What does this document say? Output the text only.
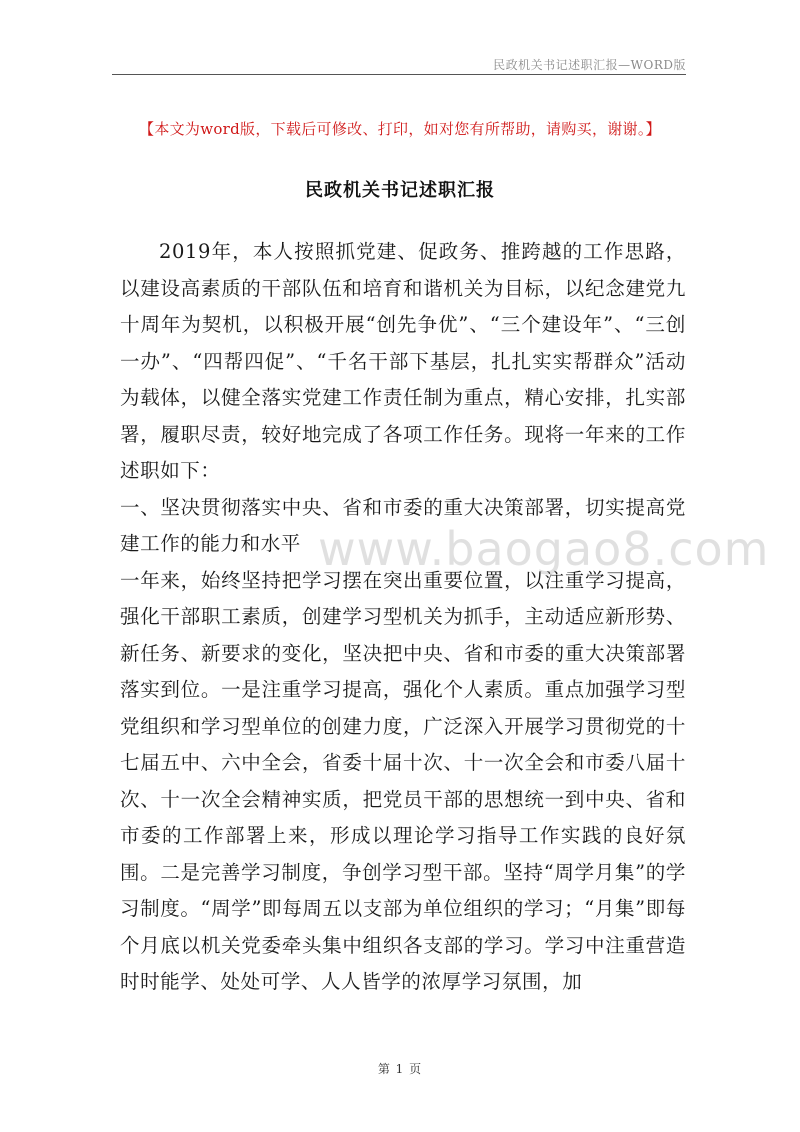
民政机关书记述职汇报—WORD版
【本文为word版，下载后可修改、打印，如对您有所帮助，请购买，谢谢。】
民政机关书记述职汇报

2019年，本人按照抓党建、促政务、推跨越的工作思路，以建设高素质的干部队伍和培育和谐机关为目标，以纪念建党九十周年为契机，以积极开展“创先争优”、“三个建设年”、“三创一办”、“四帮四促”、“千名干部下基层，扎扎实实帮群众”活动为载体，以健全落实党建工作责任制为重点，精心安排，扎实部署，履职尽责，较好地完成了各项工作任务。现将一年来的工作述职如下：

一、坚决贯彻落实中央、省和市委的重大决策部署，切实提高党建工作的能力和水平

一年来，始终坚持把学习摆在突出重要位置，以注重学习提高，强化干部职工素质，创建学习型机关为抓手，主动适应新形势、新任务、新要求的变化，坚决把中央、省和市委的重大决策部署落实到位。一是注重学习提高，强化个人素质。重点加强学习型党组织和学习型单位的创建力度，广泛深入开展学习贯彻党的十七届五中、六中全会，省委十届十次、十一次全会和市委八届十次、十一次全会精神实质，把党员干部的思想统一到中央、省和市委的工作部署上来，形成以理论学习指导工作实践的良好氛围。二是完善学习制度，争创学习型干部。坚持“周学月集”的学习制度。“周学”即每周五以支部为单位组织的学习；“月集”即每个月底以机关党委牵头集中组织各支部的学习。学习中注重营造时时能学、处处可学、人人皆学的浓厚学习氛围，加

www.baogao8.com
第 1 页
